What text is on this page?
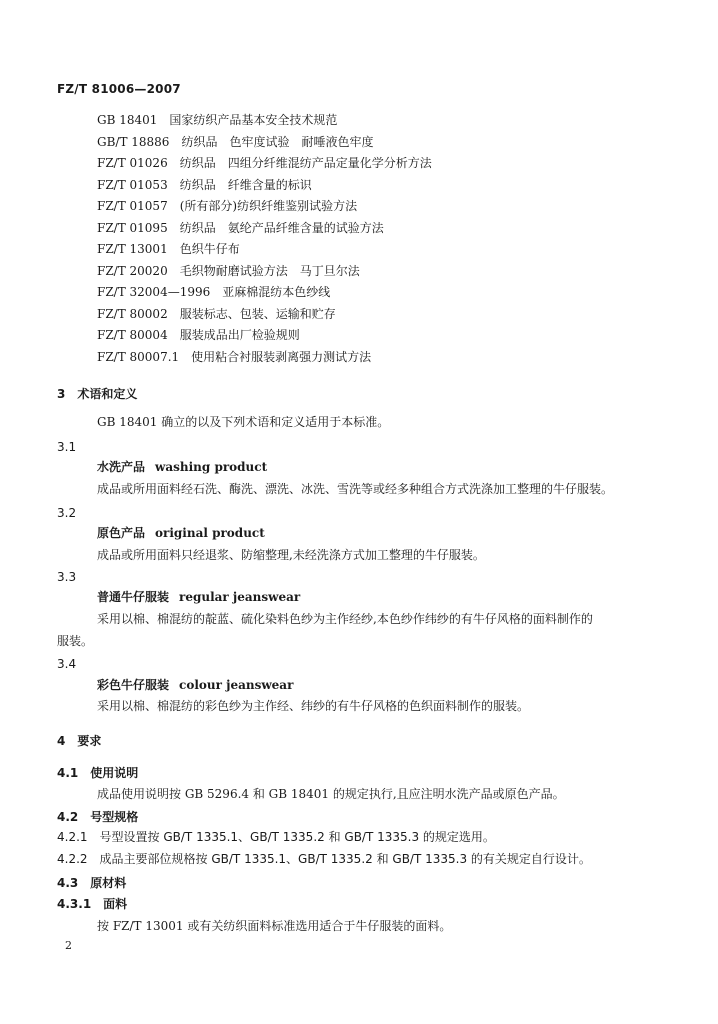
FZ/T 81006—2007
GB 18401 国家纺织产品基本安全技术规范
GB/T 18886 纺织品　色牢度试验　耐唾液色牢度
FZ/T 01026 纺织品　四组分纤维混纺产品定量化学分析方法
FZ/T 01053 纺织品　纤维含量的标识
FZ/T 01057 (所有部分)纺织纤维鉴别试验方法
FZ/T 01095 纺织品　氨纶产品纤维含量的试验方法
FZ/T 13001 色织牛仔布
FZ/T 20020 毛织物耐磨试验方法　马丁旦尔法
FZ/T 32004—1996 亚麻棉混纺本色纱线
FZ/T 80002 服装标志、包装、运输和贮存
FZ/T 80004 服装成品出厂检验规则
FZ/T 80007.1 使用粘合衬服装剥离强力测试方法
3　术语和定义
GB 18401 确立的以及下列术语和定义适用于本标准。
3.1
水洗产品 washing product
成品或所用面料经石洗、酶洗、漂洗、冰洗、雪洗等或经多种组合方式洗涤加工整理的牛仔服装。
3.2
原色产品 original product
成品或所用面料只经退浆、防缩整理,未经洗涤方式加工整理的牛仔服装。
3.3
普通牛仔服装 regular jeanswear
采用以棉、棉混纺的靛蓝、硫化染料色纱为主作经纱,本色纱作纬纱的有牛仔风格的面料制作的
服装。
3.4
彩色牛仔服装 colour jeanswear
采用以棉、棉混纺的彩色纱为主作经、纬纱的有牛仔风格的色织面料制作的服装。
4　要求
4.1　使用说明
成品使用说明按 GB 5296.4 和 GB 18401 的规定执行,且应注明水洗产品或原色产品。
4.2　号型规格
4.2.1　号型设置按 GB/T 1335.1、GB/T 1335.2 和 GB/T 1335.3 的规定选用。
4.2.2　成品主要部位规格按 GB/T 1335.1、GB/T 1335.2 和 GB/T 1335.3 的有关规定自行设计。
4.3　原材料
4.3.1　面料
按 FZ/T 13001 或有关纺织面料标准选用适合于牛仔服装的面料。
2
